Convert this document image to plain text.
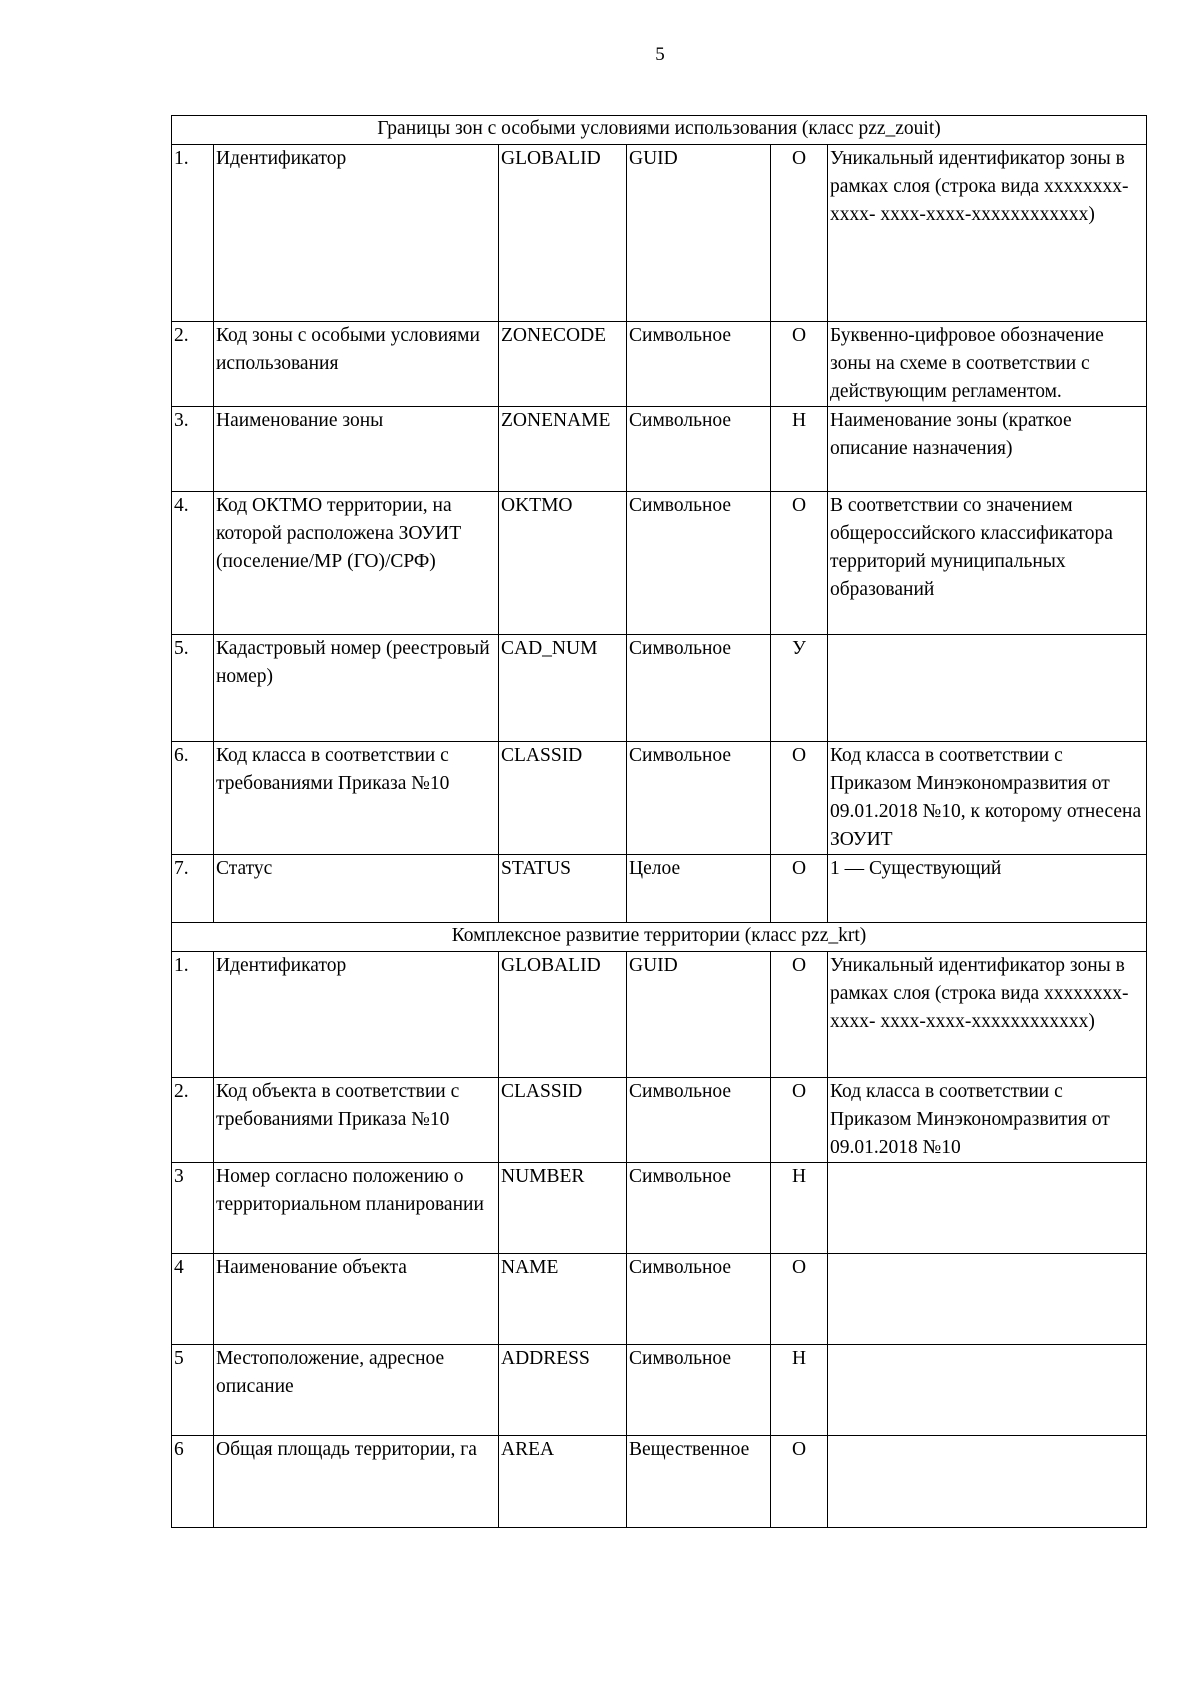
5
Границы зон с особыми условиями использования (класс pzz_zouit)					
1.	Идентификатор	GLOBALID	GUID	О	Уникальный идентификатор зоны в рамках слоя (строка вида xxxxxxxx-xxxx- xxxx-xxxx-xxxxxxxxxxxx)
2.	Код зоны с особыми условиями использования	ZONECODE	Символьное	О	Буквенно-цифровое обозначение зоны на схеме в соответствии с действующим регламентом.
3.	Наименование зоны	ZONENAME	Символьное	Н	Наименование зоны (краткое описание назначения)
4.	Код ОКТМО территории, на которой расположена ЗОУИТ (поселение/МР (ГО)/СРФ)	OKTMO	Символьное	О	В соответствии со значением общероссийского классификатора территорий муниципальных образований
5.	Кадастровый номер (реестровый номер)	CAD_NUM	Символьное	У	
6.	Код класса в соответствии с требованиями Приказа №10	CLASSID	Символьное	О	Код класса в соответствии с Приказом Минэкономразвития от 09.01.2018 №10, к которому отнесена ЗОУИТ
7.	Статус	STATUS	Целое	О	1 — Существующий
Комплексное развитие территории (класс pzz_krt)					
1.	Идентификатор	GLOBALID	GUID	О	Уникальный идентификатор зоны в рамках слоя (строка вида xxxxxxxx-xxxx- xxxx-xxxx-xxxxxxxxxxxx)
2.	Код объекта в соответствии с требованиями Приказа №10	CLASSID	Символьное	О	Код класса в соответствии с Приказом Минэкономразвития от 09.01.2018 №10
3	Номер согласно положению о территориальном планировании	NUMBER	Символьное	Н	
4	Наименование объекта	NAME	Символьное	О	
5	Местоположение, адресное описание	ADDRESS	Символьное	Н	
6	Общая площадь территории, га	AREA	Вещественное	О	
